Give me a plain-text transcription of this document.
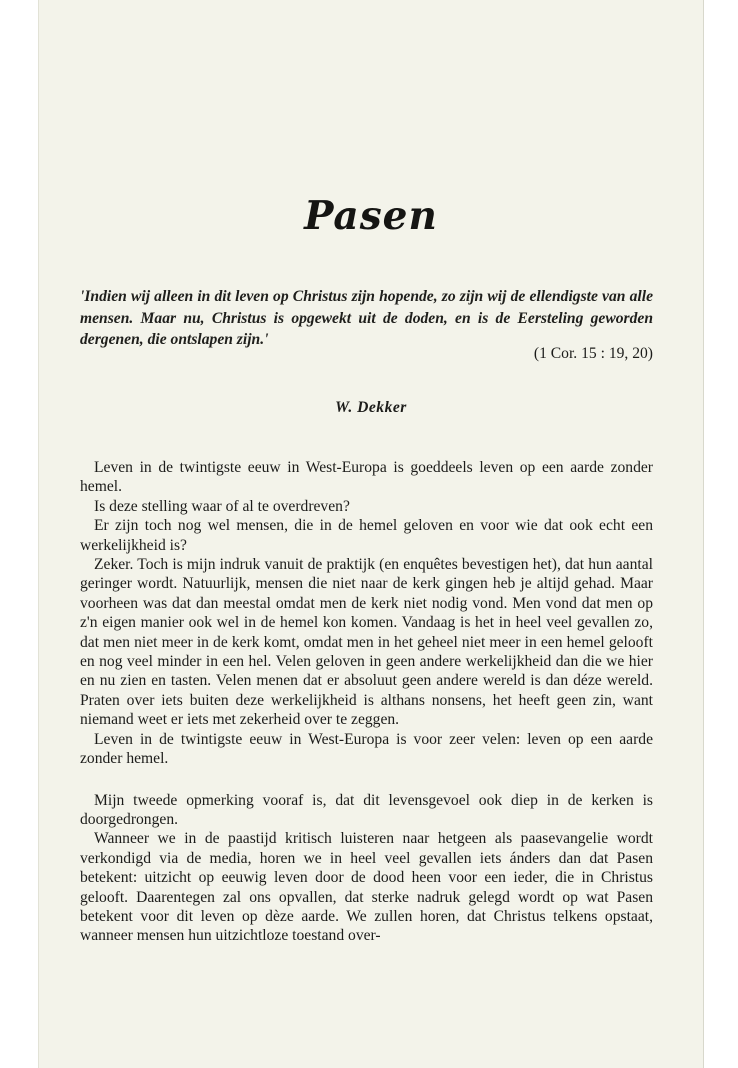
Pasen
'Indien wij alleen in dit leven op Christus zijn hopende, zo zijn wij de ellendigste van alle mensen. Maar nu, Christus is opgewekt uit de doden, en is de Eersteling geworden dergenen, die ontslapen zijn.'
(1 Cor. 15 : 19, 20)
W. Dekker

Leven in de twintigste eeuw in West-Europa is goeddeels leven op een aarde zonder hemel.

Is deze stelling waar of al te overdreven?

Er zijn toch nog wel mensen, die in de hemel geloven en voor wie dat ook echt een werkelijkheid is?

Zeker. Toch is mijn indruk vanuit de praktijk (en enquêtes bevestigen het), dat hun aantal geringer wordt. Natuurlijk, mensen die niet naar de kerk gingen heb je altijd gehad. Maar voorheen was dat dan meestal omdat men de kerk niet nodig vond. Men vond dat men op z'n eigen manier ook wel in de hemel kon komen. Vandaag is het in heel veel gevallen zo, dat men niet meer in de kerk komt, omdat men in het geheel niet meer in een hemel gelooft en nog veel minder in een hel. Velen geloven in geen andere werkelijkheid dan die we hier en nu zien en tasten. Velen menen dat er absoluut geen andere wereld is dan déze wereld. Praten over iets buiten deze werkelijkheid is althans nonsens, het heeft geen zin, want niemand weet er iets met zekerheid over te zeggen.

Leven in de twintigste eeuw in West-Europa is voor zeer velen: leven op een aarde zonder hemel.

Mijn tweede opmerking vooraf is, dat dit levensgevoel ook diep in de kerken is doorgedrongen.

Wanneer we in de paastijd kritisch luisteren naar hetgeen als paasevangelie wordt verkondigd via de media, horen we in heel veel gevallen iets ánders dan dat Pasen betekent: uitzicht op eeuwig leven door de dood heen voor een ieder, die in Christus gelooft. Daarentegen zal ons opvallen, dat sterke nadruk gelegd wordt op wat Pasen betekent voor dit leven op dèze aarde. We zullen horen, dat Christus telkens opstaat, wanneer mensen hun uitzichtloze toestand over-
